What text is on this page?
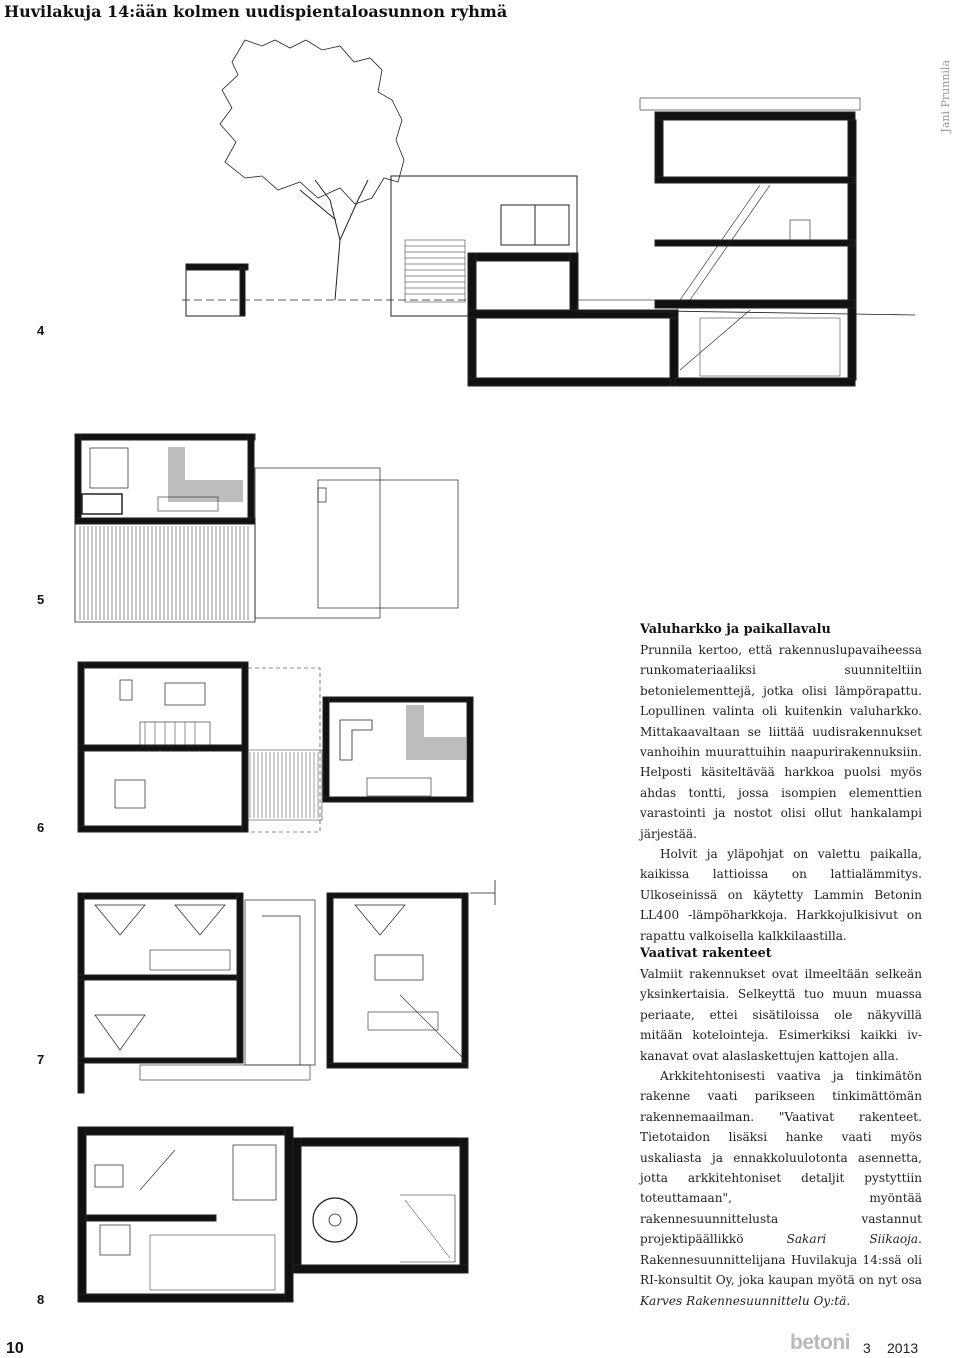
Huvilakuja 14:ään kolmen uudispientaloasunnon ryhmä
Jani Prunnila
4
5
6
7
8
Valuharkko ja paikallavalu

Prunnila kertoo, että rakennuslupavaiheessa runkomateriaaliksi suunniteltiin betonielementtejä, jotka olisi lämpörapattu. Lopullinen valinta oli kuitenkin valuharkko. Mittakaavaltaan se liittää uudisrakennukset vanhoihin muurattuihin naapurirakennuksiin. Helposti käsiteltävää harkkoa puolsi myös ahdas tontti, jossa isompien elementtien varastointi ja nostot olisi ollut hankalampi järjestää.

Holvit ja yläpohjat on valettu paikalla, kaikissa lattioissa on lattialämmitys. Ulkoseinissä on käytetty Lammin Betonin LL400 -lämpöharkkoja. Harkkojulkisivut on rapattu valkoisella kalkkilaastilla.

Vaativat rakenteet

Valmiit rakennukset ovat ilmeeltään selkeän yksinkertaisia. Selkeyttä tuo muun muassa periaate, ettei sisätiloissa ole näkyvillä mitään kotelointeja. Esimerkiksi kaikki iv-kanavat ovat alaslaskettujen kattojen alla.

Arkkitehtonisesti vaativa ja tinkimätön rakenne vaati parikseen tinkimättömän rakennemaailman. "Vaativat rakenteet. Tietotaidon lisäksi hanke vaati myös uskaliasta ja ennakkoluulotonta asennetta, jotta arkkitehtoniset detaljit pystyttiin toteuttamaan", myöntää rakennesuunnittelusta vastannut projektipäällikkö Sakari Siikaoja. Rakennesuunnittelijana Huvilakuja 14:ssä oli RI-konsultit Oy, joka kaupan myötä on nyt osa Karves Rakennesuunnittelu Oy:tä.

10	betoni 3 2013
